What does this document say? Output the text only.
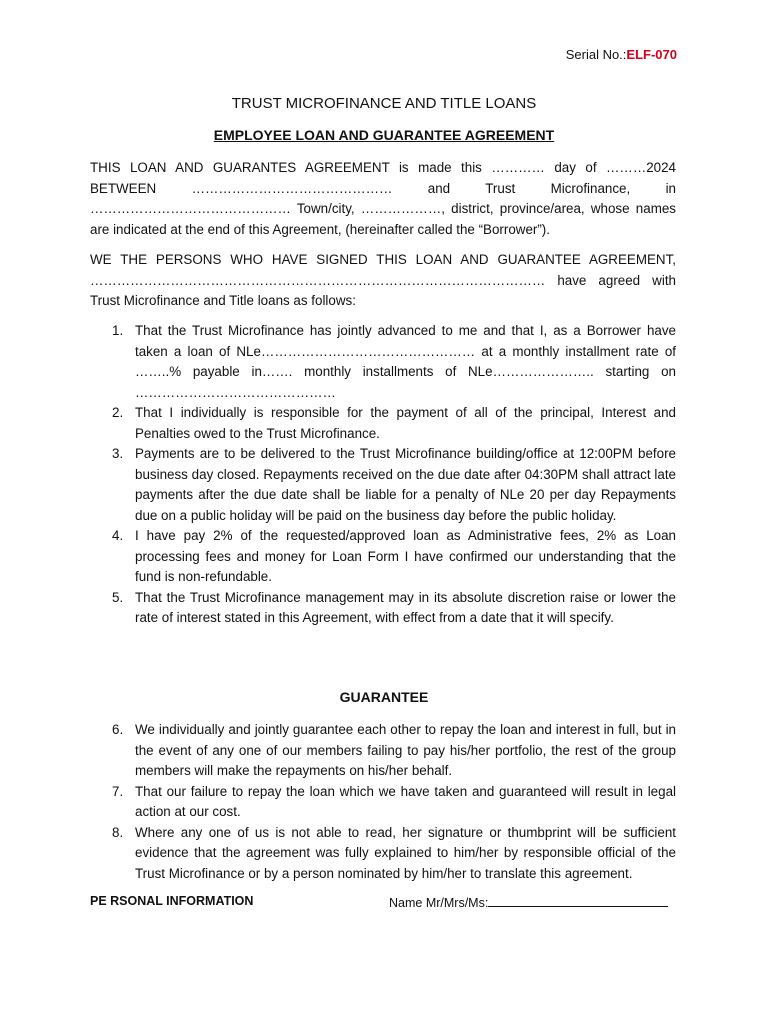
Serial No.:ELF-070
TRUST MICROFINANCE AND TITLE LOANS
EMPLOYEE LOAN AND GUARANTEE AGREEMENT

THIS LOAN AND GUARANTES AGREEMENT is made this ………… day of ………2024 BETWEEN ……………………………………… and Trust Microfinance, in ……………………………………… Town/city, ………………, district, province/area, whose names are indicated at the end of this Agreement, (hereinafter called the “Borrower”).

WE THE PERSONS WHO HAVE SIGNED THIS LOAN AND GUARANTEE AGREEMENT, ………………………………………………………………………………………… have agreed with Trust Microfinance and Title loans as follows:

1. That the Trust Microfinance has jointly advanced to me and that I, as a Borrower have taken a loan of NLe………………………………………… at a monthly installment rate of ……..% payable in……. monthly installments of NLe………………….. starting on ………………………………………
2. That I individually is responsible for the payment of all of the principal, Interest and Penalties owed to the Trust Microfinance.
3. Payments are to be delivered to the Trust Microfinance building/office at 12:00PM before business day closed. Repayments received on the due date after 04:30PM shall attract late payments after the due date shall be liable for a penalty of NLe 20 per day Repayments due on a public holiday will be paid on the business day before the public holiday.
4. I have pay 2% of the requested/approved loan as Administrative fees, 2% as Loan processing fees and money for Loan Form I have confirmed our understanding that the fund is non-refundable.
5. That the Trust Microfinance management may in its absolute discretion raise or lower the rate of interest stated in this Agreement, with effect from a date that it will specify.
GUARANTEE
6. We individually and jointly guarantee each other to repay the loan and interest in full, but in the event of any one of our members failing to pay his/her portfolio, the rest of the group members will make the repayments on his/her behalf.
7. That our failure to repay the loan which we have taken and guaranteed will result in legal action at our cost.
8. Where any one of us is not able to read, her signature or thumbprint will be sufficient evidence that the agreement was fully explained to him/her by responsible official of the Trust Microfinance or by a person nominated by him/her to translate this agreement.
PE RSONAL INFORMATION	Name Mr/Mrs/Ms:
